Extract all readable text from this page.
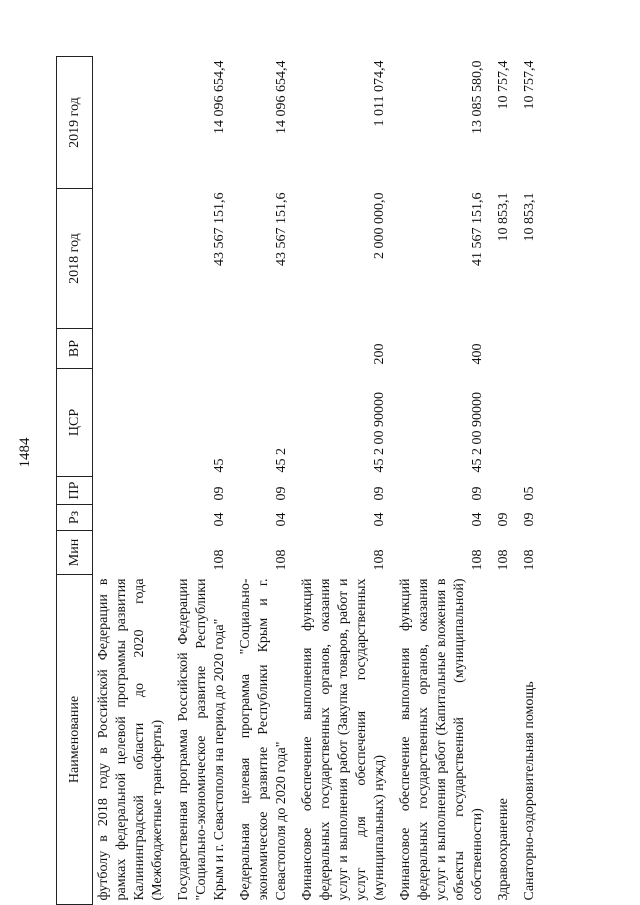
1484
Наименование	Мин	Рз	ПР	ЦСР	ВР	2018 год	2019 год
футболу в 2018 году в Российской Федерации в рамках федеральной целевой программы развития Калининградской области до 2020 года (Межбюджетные трансферты)							
Государственная программа Российской Федерации "Социально-экономическое развитие Республики Крым и г. Севастополя на период до 2020 года"	108	04	09	45		43 567 151,6	14 096 654,4
Федеральная целевая программа "Социально-экономическое развитие Республики Крым и г. Севастополя до 2020 года"	108	04	09	45 2		43 567 151,6	14 096 654,4
Финансовое обеспечение выполнения функций федеральных государственных органов, оказания услуг и выполнения работ (Закупка товаров, работ и услуг для обеспечения государственных (муниципальных) нужд)	108	04	09	45 2 00 90000	200	2 000 000,0	1 011 074,4
Финансовое обеспечение выполнения функций федеральных государственных органов, оказания услуг и выполнения работ (Капитальные вложения в объекты государственной (муниципальной) собственности)	108	04	09	45 2 00 90000	400	41 567 151,6	13 085 580,0
Здравоохранение	108	09				10 853,1	10 757,4
Санаторно-оздоровительная помощь	108	09	05			10 853,1	10 757,4
